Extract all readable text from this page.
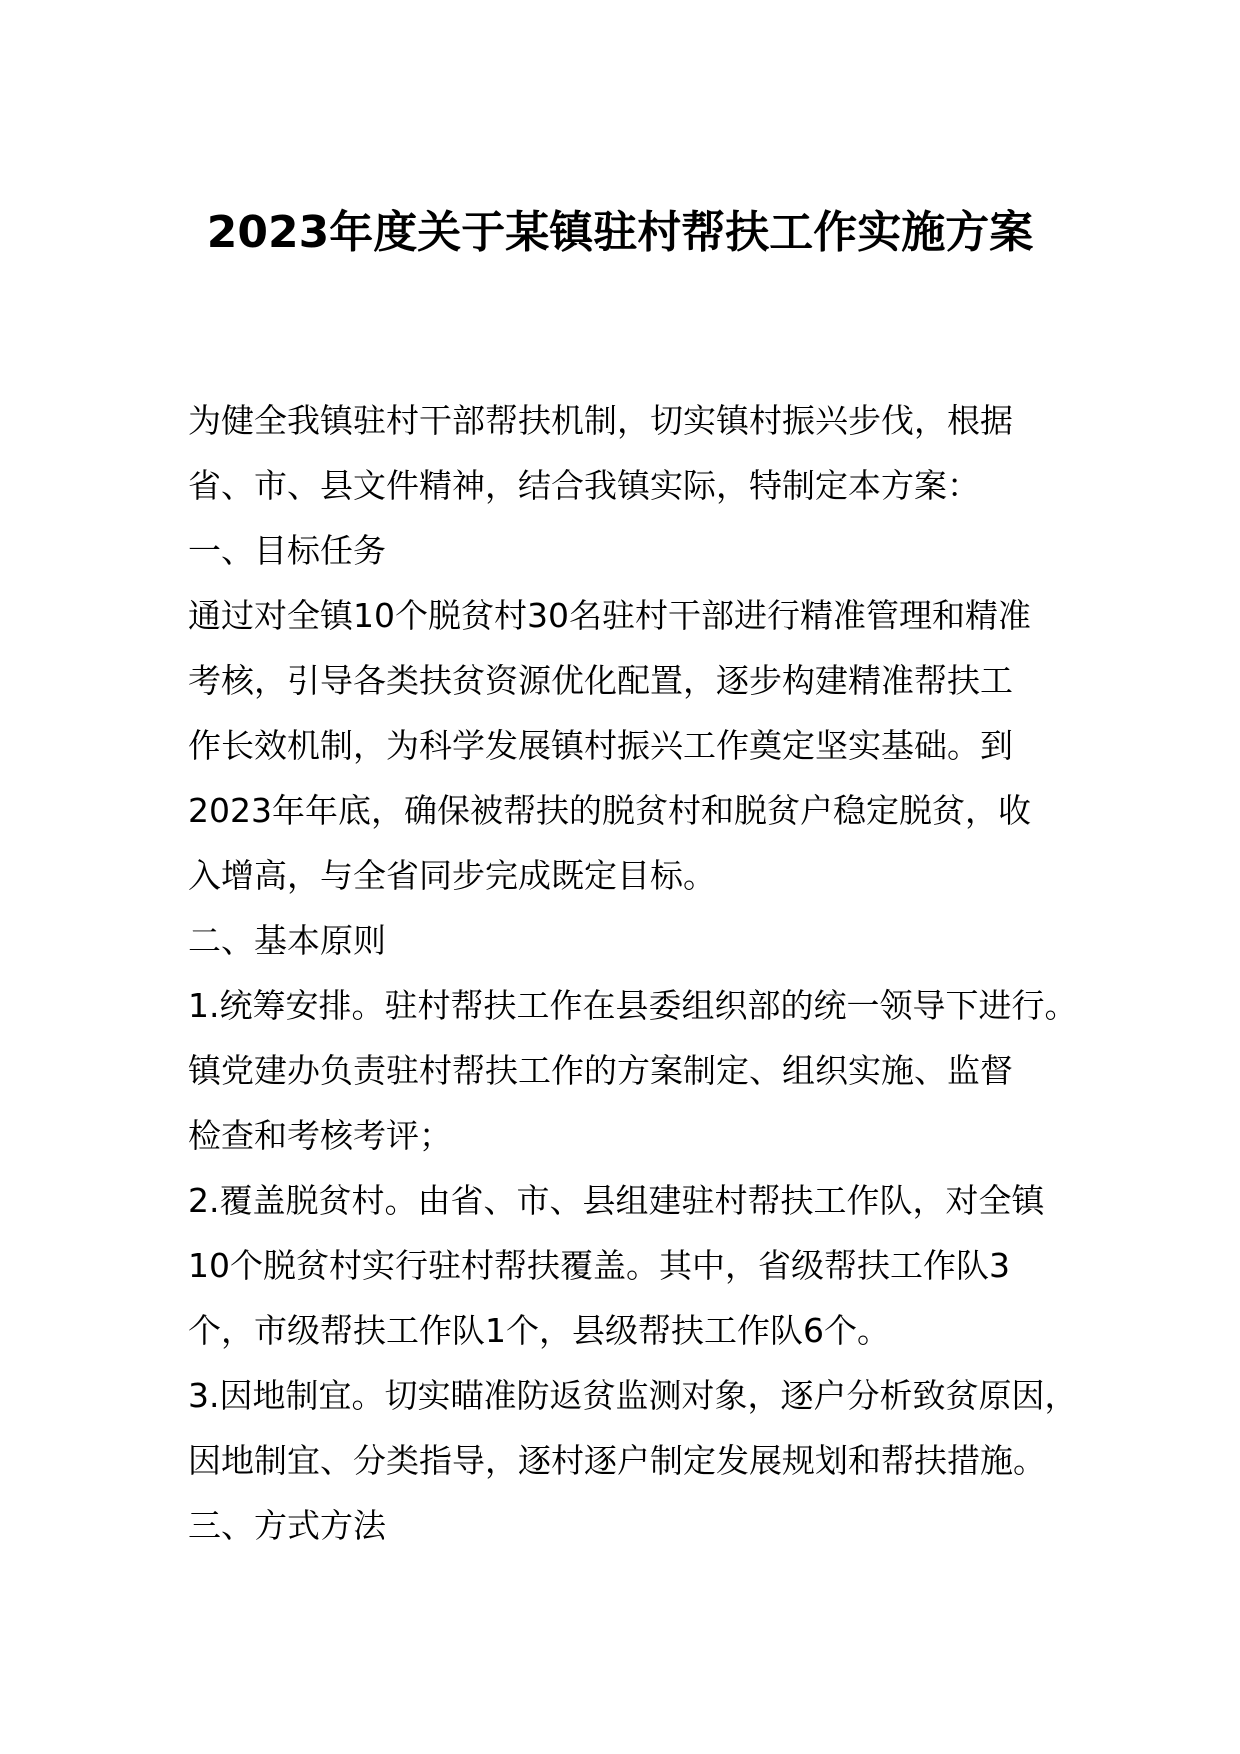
2023年度关于某镇驻村帮扶工作实施方案

为健全我镇驻村干部帮扶机制，切实镇村振兴步伐，根据

省、市、县文件精神，结合我镇实际，特制定本方案：

一、目标任务

通过对全镇10个脱贫村30名驻村干部进行精准管理和精准

考核，引导各类扶贫资源优化配置，逐步构建精准帮扶工

作长效机制，为科学发展镇村振兴工作奠定坚实基础。到

2023年年底，确保被帮扶的脱贫村和脱贫户稳定脱贫，收

入增高，与全省同步完成既定目标。

二、基本原则

1.统筹安排。驻村帮扶工作在县委组织部的统一领导下进行。

镇党建办负责驻村帮扶工作的方案制定、组织实施、监督

检查和考核考评；

2.覆盖脱贫村。由省、市、县组建驻村帮扶工作队，对全镇

10个脱贫村实行驻村帮扶覆盖。其中，省级帮扶工作队3

个，市级帮扶工作队1个，县级帮扶工作队6个。

3.因地制宜。切实瞄准防返贫监测对象，逐户分析致贫原因，

因地制宜、分类指导，逐村逐户制定发展规划和帮扶措施。

三、方式方法
